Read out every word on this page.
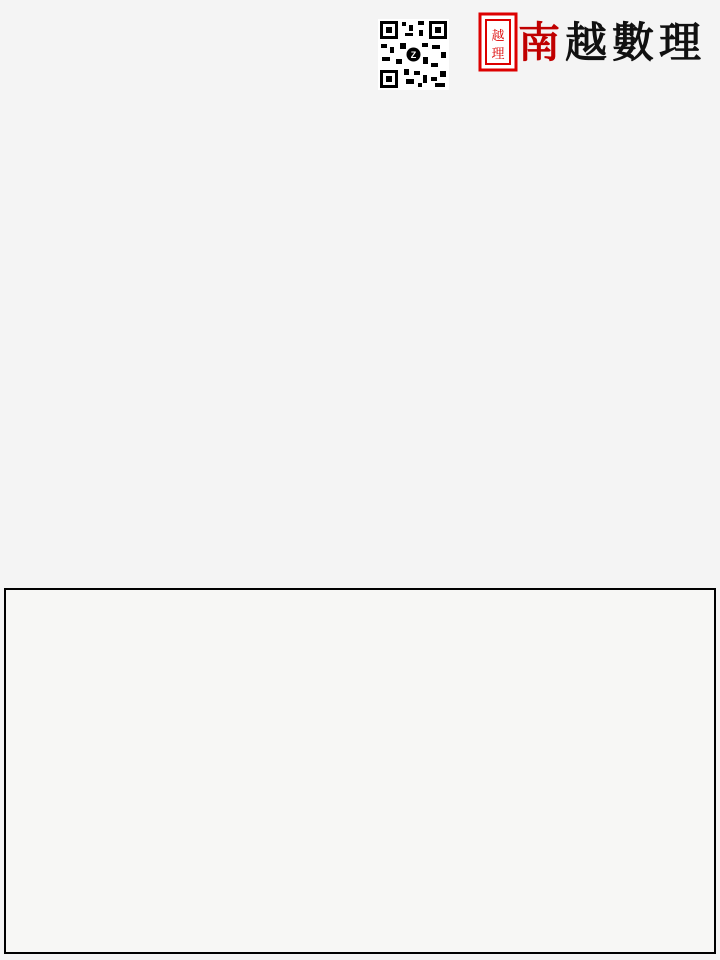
Z
越
理 南 越 數 理
